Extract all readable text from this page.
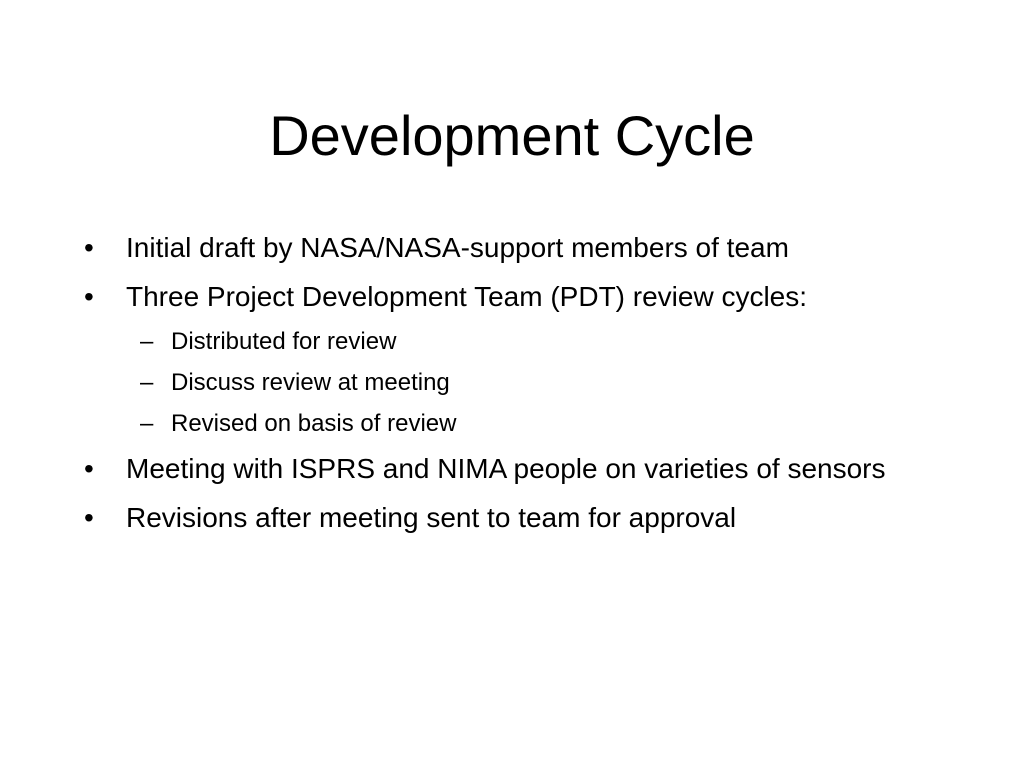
Development Cycle
•	Initial draft by NASA/NASA-support members of team
•	Three Project Development Team (PDT) review cycles:
– Distributed for review
– Discuss review at meeting
– Revised on basis of review
•	Meeting with ISPRS and NIMA people on varieties of sensors
•	Revisions after meeting sent to team for approval
